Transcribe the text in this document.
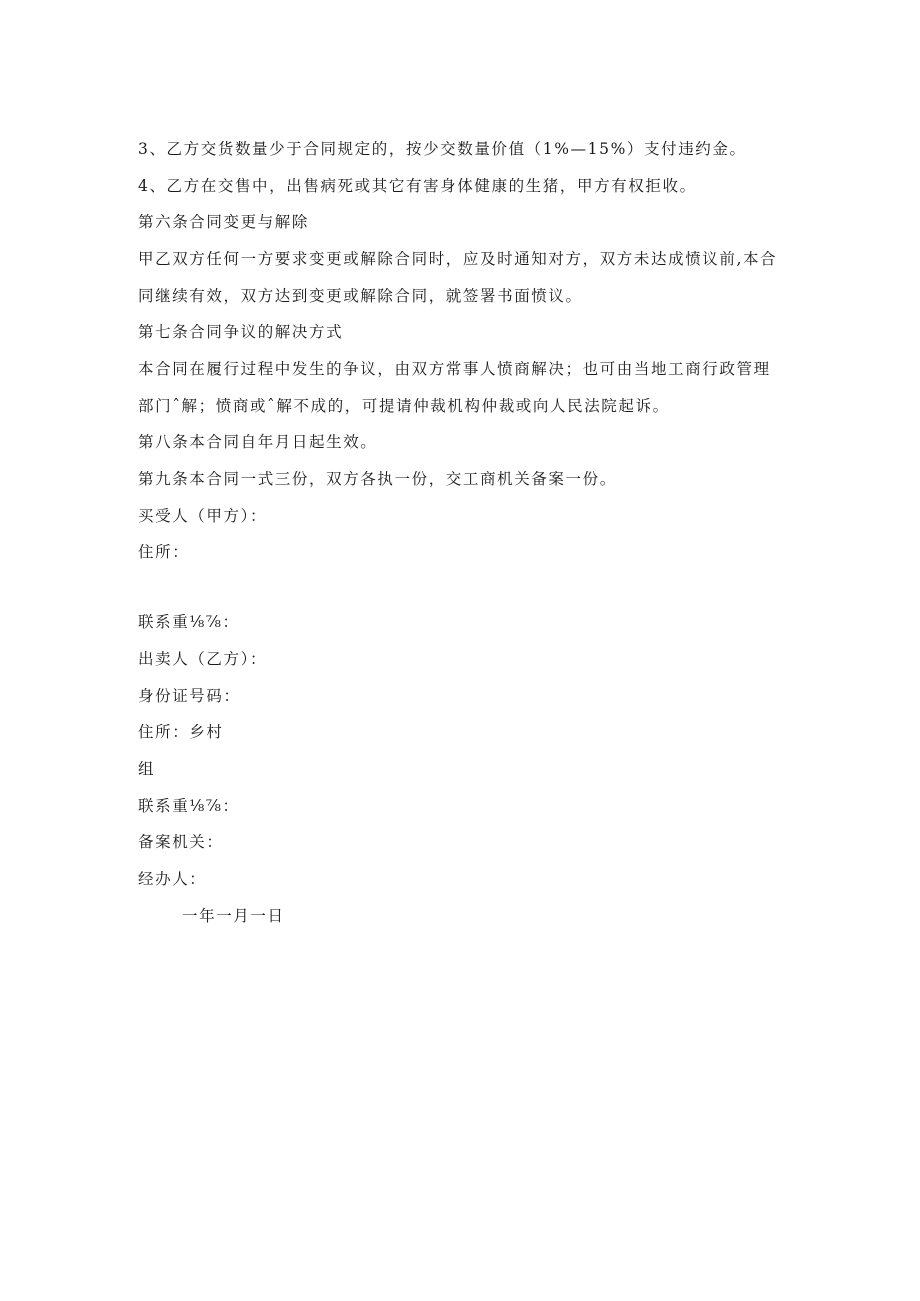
3、乙方交货数量少于合同规定的，按少交数量价值（1%—15%）支付违约金。
4、乙方在交售中，出售病死或其它有害身体健康的生猪，甲方有权拒收。
第六条合同变更与解除
甲乙双方任何一方要求变更或解除合同时，应及时通知对方，双方未达成愤议前,本合
同继续有效，双方达到变更或解除合同，就签署书面愤议。
第七条合同争议的解决方式
本合同在履行过程中发生的争议，由双方常事人愤商解决；也可由当地工商行政管理
部门ˆ解；愤商或ˆ解不成的，可提请仲裁机构仲裁或向人民法院起诉。
第八条本合同自年月日起生效。
第九条本合同一式三份，双方各执一份，交工商机关备案一份。
买受人（甲方）：
住所：
联系重⅛⅞：
出卖人（乙方）：
身份证号码：
住所：乡村
组
联系重⅛⅞：
备案机关：
经办人：
一年一月一日
